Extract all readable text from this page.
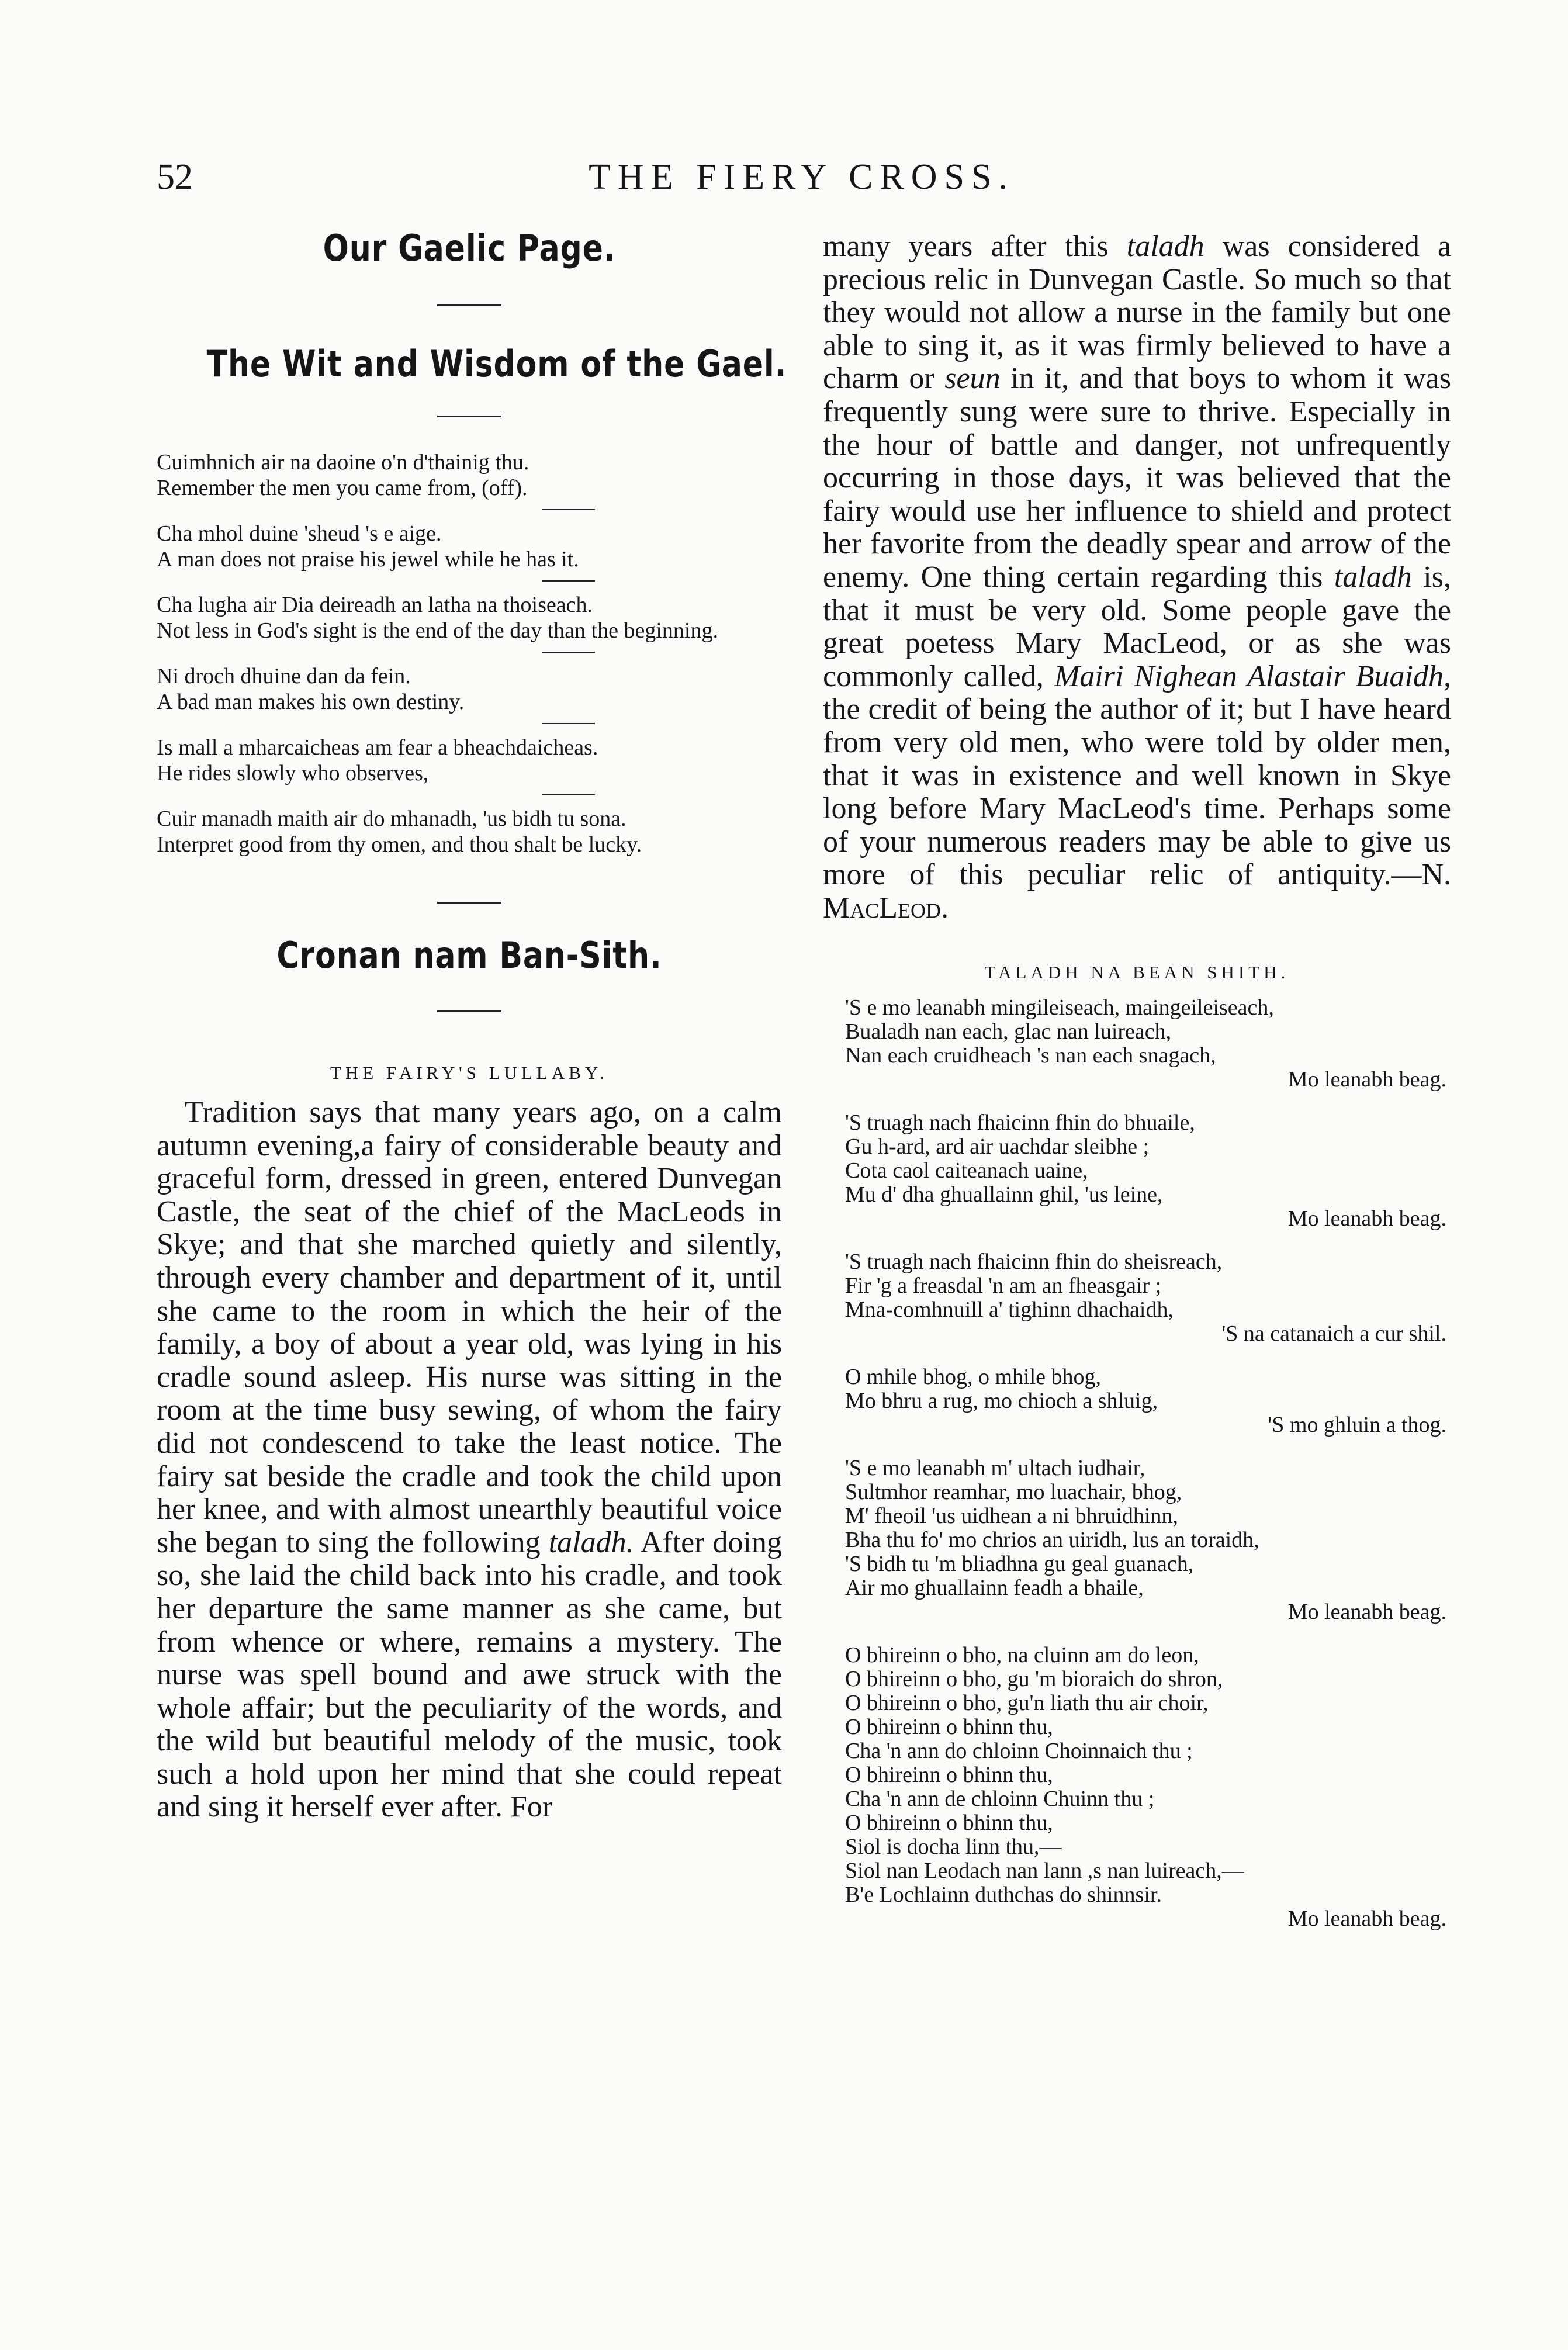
52	THE FIERY CROSS.
Our Gaelic Page.
The Wit and Wisdom of the Gael.
Cuimhnich air na daoine o'n d'thainig thu.
Remember the men you came from, (off).
Cha mhol duine 'sheud 's e aige.
A man does not praise his jewel while he has it.
Cha lugha air Dia deireadh an latha na thoiseach.
Not less in God's sight is the end of the day than the beginning.
Ni droch dhuine dan da fein.
A bad man makes his own destiny.
Is mall a mharcaicheas am fear a bheachdaicheas.
He rides slowly who observes,
Cuir manadh maith air do mhanadh, 'us bidh tu sona.
Interpret good from thy omen, and thou shalt be lucky.
Cronan nam Ban-Sith.

THE FAIRY'S LULLABY.

Tradition says that many years ago, on a calm autumn evening,a fairy of considerable beauty and graceful form, dressed in green, entered Dunvegan Castle, the seat of the chief of the MacLeods in Skye; and that she marched quietly and silently, through every chamber and department of it, until she came to the room in which the heir of the family, a boy of about a year old, was lying in his cradle sound asleep. His nurse was sitting in the room at the time busy sewing, of whom the fairy did not condescend to take the least notice. The fairy sat beside the cradle and took the child upon her knee, and with almost unearthly beautiful voice she began to sing the following taladh. After doing so, she laid the child back into his cradle, and took her departure the same manner as she came, but from whence or where, remains a mystery. The nurse was spell bound and awe struck with the whole affair; but the peculiarity of the words, and the wild but beautiful melody of the music, took such a hold upon her mind that she could repeat and sing it herself ever after. For

many years after this taladh was considered a precious relic in Dunvegan Castle. So much so that they would not allow a nurse in the family but one able to sing it, as it was firmly believed to have a charm or seun in it, and that boys to whom it was frequently sung were sure to thrive. Especially in the hour of battle and danger, not unfrequently occurring in those days, it was believed that the fairy would use her influence to shield and protect her favorite from the deadly spear and arrow of the enemy. One thing certain regarding this taladh is, that it must be very old. Some people gave the great poetess Mary MacLeod, or as she was commonly called, Mairi Nighean Alastair Buaidh, the credit of being the author of it; but I have heard from very old men, who were told by older men, that it was in existence and well known in Skye long before Mary MacLeod's time. Perhaps some of your numerous readers may be able to give us more of this peculiar relic of antiquity.—N. MacLeod.

TALADH NA BEAN SHITH.

'S e mo leanabh mingileiseach, maingeileiseach,
Bualadh nan each, glac nan luireach,
Nan each cruidheach 's nan each snagach,
Mo leanabh beag.
'S truagh nach fhaicinn fhin do bhuaile,
Gu h-ard, ard air uachdar sleibhe ;
Cota caol caiteanach uaine,
Mu d' dha ghuallainn ghil, 'us leine,
Mo leanabh beag.
'S truagh nach fhaicinn fhin do sheisreach,
Fir 'g a freasdal 'n am an fheasgair ;
Mna-comhnuill a' tighinn dhachaidh,
'S na catanaich a cur shil.
O mhile bhog, o mhile bhog,
Mo bhru a rug, mo chioch a shluig,
'S mo ghluin a thog.
'S e mo leanabh m' ultach iudhair,
Sultmhor reamhar, mo luachair, bhog,
M' fheoil 'us uidhean a ni bhruidhinn,
Bha thu fo' mo chrios an uiridh, lus an toraidh,
'S bidh tu 'm bliadhna gu geal guanach,
Air mo ghuallainn feadh a bhaile,
Mo leanabh beag.
O bhireinn o bho, na cluinn am do leon,
O bhireinn o bho, gu 'm bioraich do shron,
O bhireinn o bho, gu'n liath thu air choir,
O bhireinn o bhinn thu,
Cha 'n ann do chloinn Choinnaich thu ;
O bhireinn o bhinn thu,
Cha 'n ann de chloinn Chuinn thu ;
O bhireinn o bhinn thu,
Siol is docha linn thu,—
Siol nan Leodach nan lann ,s nan luireach,—
B'e Lochlainn duthchas do shinnsir.
Mo leanabh beag.
